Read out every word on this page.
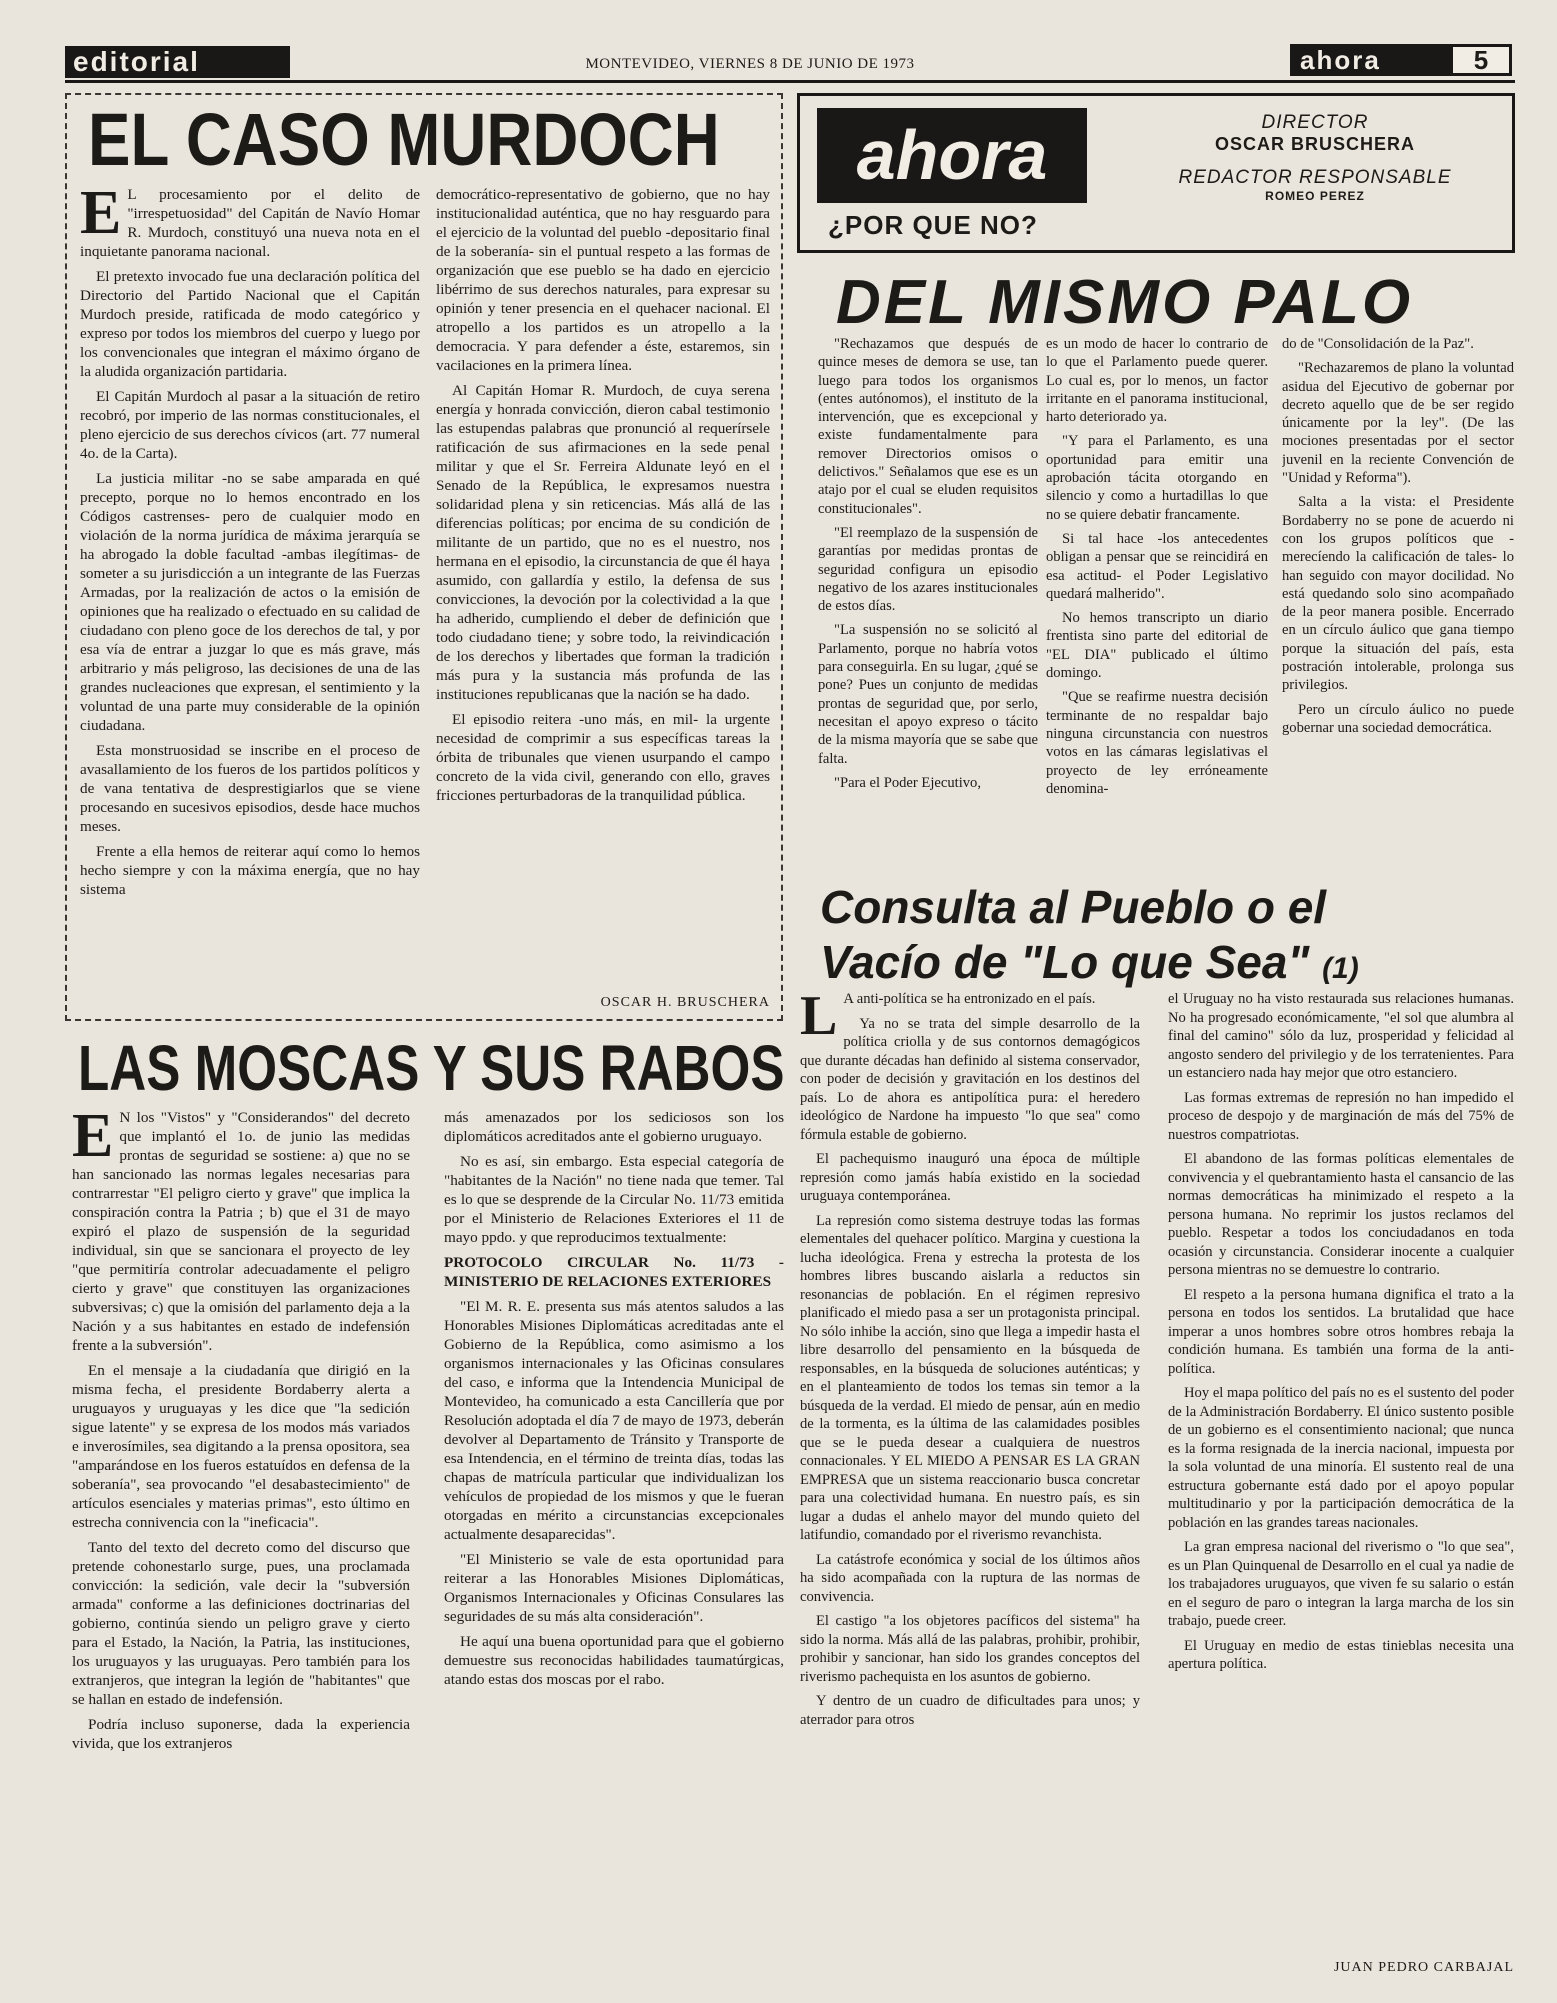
editorial	MONTEVIDEO, VIERNES 8 DE JUNIO DE 1973	ahora	5
EL CASO MURDOCH
E L procesamiento por el delito de "irrespetuosidad" del Capitán de Navío Homar R. Murdoch, constituyó una nueva nota en el inquietante panorama nacional.

El pretexto invocado fue una declaración política del Directorio del Partido Nacional que el Capitán Murdoch preside, ratificada de modo categórico y expreso por todos los miembros del cuerpo y luego por los convencionales que integran el máximo órgano de la aludida organización partidaria.

El Capitán Murdoch al pasar a la situación de retiro recobró, por imperio de las normas constitucionales, el pleno ejercicio de sus derechos cívicos (art. 77 numeral 4o. de la Carta).

La justicia militar -no se sabe amparada en qué precepto, porque no lo hemos encontrado en los Códigos castrenses- pero de cualquier modo en violación de la norma jurídica de máxima jerarquía se ha abrogado la doble facultad -ambas ilegítimas- de someter a su jurisdicción a un integrante de las Fuerzas Armadas, por la realización de actos o la emisión de opiniones que ha realizado o efectuado en su calidad de ciudadano con pleno goce de los derechos de tal, y por esa vía de entrar a juzgar lo que es más grave, más arbitrario y más peligroso, las decisiones de una de las grandes nucleaciones que expresan, el sentimiento y la voluntad de una parte muy considerable de la opinión ciudadana.

Esta monstruosidad se inscribe en el proceso de avasallamiento de los fueros de los partidos políticos y de vana tentativa de desprestigiarlos que se viene procesando en sucesivos episodios, desde hace muchos meses.

Frente a ella hemos de reiterar aquí como lo hemos hecho siempre y con la máxima energía, que no hay sistema

democrático-representativo de gobierno, que no hay institucionalidad auténtica, que no hay resguardo para el ejercicio de la voluntad del pueblo -depositario final de la soberanía- sin el puntual respeto a las formas de organización que ese pueblo se ha dado en ejercicio libérrimo de sus derechos naturales, para expresar su opinión y tener presencia en el quehacer nacional. El atropello a los partidos es un atropello a la democracia. Y para defender a éste, estaremos, sin vacilaciones en la primera línea.

Al Capitán Homar R. Murdoch, de cuya serena energía y honrada convicción, dieron cabal testimonio las estupendas palabras que pronunció al requerírsele ratificación de sus afirmaciones en la sede penal militar y que el Sr. Ferreira Aldunate leyó en el Senado de la República, le expresamos nuestra solidaridad plena y sin reticencias. Más allá de las diferencias políticas; por encima de su condición de militante de un partido, que no es el nuestro, nos hermana en el episodio, la circunstancia de que él haya asumido, con gallardía y estilo, la defensa de sus convicciones, la devoción por la colectividad a la que ha adherido, cumpliendo el deber de definición que todo ciudadano tiene; y sobre todo, la reivindicación de los derechos y libertades que forman la tradición más pura y la sustancia más profunda de las instituciones republicanas que la nación se ha dado.

El episodio reitera -uno más, en mil- la urgente necesidad de comprimir a sus específicas tareas la órbita de tribunales que vienen usurpando el campo concreto de la vida civil, generando con ello, graves fricciones perturbadoras de la tranquilidad pública.

OSCAR H. BRUSCHERA
LAS MOSCAS Y SUS RABOS
E N los "Vistos" y "Considerandos" del decreto que implantó el 1o. de junio las medidas prontas de seguridad se sostiene: a) que no se han sancionado las normas legales necesarias para contrarrestar "El peligro cierto y grave" que implica la conspiración contra la Patria ; b) que el 31 de mayo expiró el plazo de suspensión de la seguridad individual, sin que se sancionara el proyecto de ley "que permitiría controlar adecuadamente el peligro cierto y grave" que constituyen las organizaciones subversivas; c) que la omisión del parlamento deja a la Nación y a sus habitantes en estado de indefensión frente a la subversión".

En el mensaje a la ciudadanía que dirigió en la misma fecha, el presidente Bordaberry alerta a uruguayos y uruguayas y les dice que "la sedición sigue latente" y se expresa de los modos más variados e inverosímiles, sea digitando a la prensa opositora, sea "amparándose en los fueros estatuídos en defensa de la soberanía", sea provocando "el desabastecimiento" de artículos esenciales y materias primas", esto último en estrecha connivencia con la "ineficacia".

Tanto del texto del decreto como del discurso que pretende cohonestarlo surge, pues, una proclamada convicción: la sedición, vale decir la "subversión armada" conforme a las definiciones doctrinarias del gobierno, continúa siendo un peligro grave y cierto para el Estado, la Nación, la Patria, las instituciones, los uruguayos y las uruguayas. Pero también para los extranjeros, que integran la legión de "habitantes" que se hallan en estado de indefensión.

Podría incluso suponerse, dada la experiencia vivida, que los extranjeros

más amenazados por los sediciosos son los diplomáticos acreditados ante el gobierno uruguayo.

No es así, sin embargo. Esta especial categoría de "habitantes de la Nación" no tiene nada que temer. Tal es lo que se desprende de la Circular No. 11/73 emitida por el Ministerio de Relaciones Exteriores el 11 de mayo ppdo. y que reproducimos textualmente:

PROTOCOLO CIRCULAR No. 11/73 - MINISTERIO DE RELACIONES EXTERIORES

"El M. R. E. presenta sus más atentos saludos a las Honorables Misiones Diplomáticas acreditadas ante el Gobierno de la República, como asimismo a los organismos internacionales y las Oficinas consulares del caso, e informa que la Intendencia Municipal de Montevideo, ha comunicado a esta Cancillería que por Resolución adoptada el día 7 de mayo de 1973, deberán devolver al Departamento de Tránsito y Transporte de esa Intendencia, en el término de treinta días, todas las chapas de matrícula particular que individualizan los vehículos de propiedad de los mismos y que le fueran otorgadas en mérito a circunstancias excepcionales actualmente desaparecidas".

"El Ministerio se vale de esta oportunidad para reiterar a las Honorables Misiones Diplomáticas, Organismos Internacionales y Oficinas Consulares las seguridades de su más alta consideración".

He aquí una buena oportunidad para que el gobierno demuestre sus reconocidas habilidades taumatúrgicas, atando estas dos moscas por el rabo.

ahora
¿POR QUE NO?
DIRECTOR
OSCAR BRUSCHERA
REDACTOR RESPONSABLE
ROMEO PEREZ
DEL MISMO PALO

"Rechazamos que después de quince meses de demora se use, tan luego para todos los organismos (entes autónomos), el instituto de la intervención, que es excepcional y existe fundamentalmente para remover Directorios omisos o delictivos." Señalamos que ese es un atajo por el cual se eluden requisitos constitucionales".

"El reemplazo de la suspensión de garantías por medidas prontas de seguridad configura un episodio negativo de los azares institucionales de estos días.

"La suspensión no se solicitó al Parlamento, porque no habría votos para conseguirla. En su lugar, ¿qué se pone? Pues un conjunto de medidas prontas de seguridad que, por serlo, necesitan el apoyo expreso o tácito de la misma mayoría que se sabe que falta.

"Para el Poder Ejecutivo,

es un modo de hacer lo contrario de lo que el Parlamento puede querer. Lo cual es, por lo menos, un factor irritante en el panorama institucional, harto deteriorado ya.

"Y para el Parlamento, es una oportunidad para emitir una aprobación tácita otorgando en silencio y como a hurtadillas lo que no se quiere debatir francamente.

Si tal hace -los antecedentes obligan a pensar que se reincidirá en esa actitud- el Poder Legislativo quedará malherido".

No hemos transcripto un diario frentista sino parte del editorial de "EL DIA" publicado el último domingo.

"Que se reafirme nuestra decisión terminante de no respaldar bajo ninguna circunstancia con nuestros votos en las cámaras legislativas el proyecto de ley erróneamente denomina-

do de "Consolidación de la Paz".

"Rechazaremos de plano la voluntad asidua del Ejecutivo de gobernar por decreto aquello que de be ser regido únicamente por la ley". (De las mociones presentadas por el sector juvenil en la reciente Convención de "Unidad y Reforma").

Salta a la vista: el Presidente Bordaberry no se pone de acuerdo ni con los grupos políticos que -merecíendo la calificación de tales- lo han seguido con mayor docilidad. No está quedando solo sino acompañado de la peor manera posible. Encerrado en un círculo áulico que gana tiempo porque la situación del país, esta postración intolerable, prolonga sus privilegios.

Pero un círculo áulico no puede gobernar una sociedad democrática.

Consulta al Pueblo o el
Vacío de "Lo que Sea" (1)
L A anti-política se ha entronizado en el país.

Ya no se trata del simple desarrollo de la política criolla y de sus contornos demagógicos que durante décadas han definido al sistema conservador, con poder de decisión y gravitación en los destinos del país. Lo de ahora es antipolítica pura: el heredero ideológico de Nardone ha impuesto "lo que sea" como fórmula estable de gobierno.

El pachequismo inauguró una época de múltiple represión como jamás había existido en la sociedad uruguaya contemporánea.

La represión como sistema destruye todas las formas elementales del quehacer político. Margina y cuestiona la lucha ideológica. Frena y estrecha la protesta de los hombres libres buscando aislarla a reductos sin resonancias de población. En el régimen represivo planificado el miedo pasa a ser un protagonista principal. No sólo inhibe la acción, sino que llega a impedir hasta el libre desarrollo del pensamiento en la búsqueda de responsables, en la búsqueda de soluciones auténticas; y en el planteamiento de todos los temas sin temor a la búsqueda de la verdad. El miedo de pensar, aún en medio de la tormenta, es la última de las calamidades posibles que se le pueda desear a cualquiera de nuestros connacionales. Y EL MIEDO A PENSAR ES LA GRAN EMPRESA que un sistema reaccionario busca concretar para una colectividad humana. En nuestro país, es sin lugar a dudas el anhelo mayor del mundo quieto del latifundio, comandado por el riverismo revanchista.

La catástrofe económica y social de los últimos años ha sido acompañada con la ruptura de las normas de convivencia.

El castigo "a los objetores pacíficos del sistema" ha sido la norma. Más allá de las palabras, prohibir, prohibir, prohibir y sancionar, han sido los grandes conceptos del riverismo pachequista en los asuntos de gobierno.

Y dentro de un cuadro de dificultades para unos; y aterrador para otros

el Uruguay no ha visto restaurada sus relaciones humanas. No ha progresado económicamente, "el sol que alumbra al final del camino" sólo da luz, prosperidad y felicidad al angosto sendero del privilegio y de los terratenientes. Para un estanciero nada hay mejor que otro estanciero.

Las formas extremas de represión no han impedido el proceso de despojo y de marginación de más del 75% de nuestros compatriotas.

El abandono de las formas políticas elementales de convivencia y el quebrantamiento hasta el cansancio de las normas democráticas ha minimizado el respeto a la persona humana. No reprimir los justos reclamos del pueblo. Respetar a todos los conciudadanos en toda ocasión y circunstancia. Considerar inocente a cualquier persona mientras no se demuestre lo contrario.

El respeto a la persona humana dignifica el trato a la persona en todos los sentidos. La brutalidad que hace imperar a unos hombres sobre otros hombres rebaja la condición humana. Es también una forma de la anti-política.

Hoy el mapa político del país no es el sustento del poder de la Administración Bordaberry. El único sustento posible de un gobierno es el consentimiento nacional; que nunca es la forma resignada de la inercia nacional, impuesta por la sola voluntad de una minoría. El sustento real de una estructura gobernante está dado por el apoyo popular multitudinario y por la participación democrática de la población en las grandes tareas nacionales.

La gran empresa nacional del riverismo o "lo que sea", es un Plan Quinquenal de Desarrollo en el cual ya nadie de los trabajadores uruguayos, que viven fe su salario o están en el seguro de paro o integran la larga marcha de los sin trabajo, puede creer.

El Uruguay en medio de estas tinieblas necesita una apertura política.

JUAN PEDRO CARBAJAL
